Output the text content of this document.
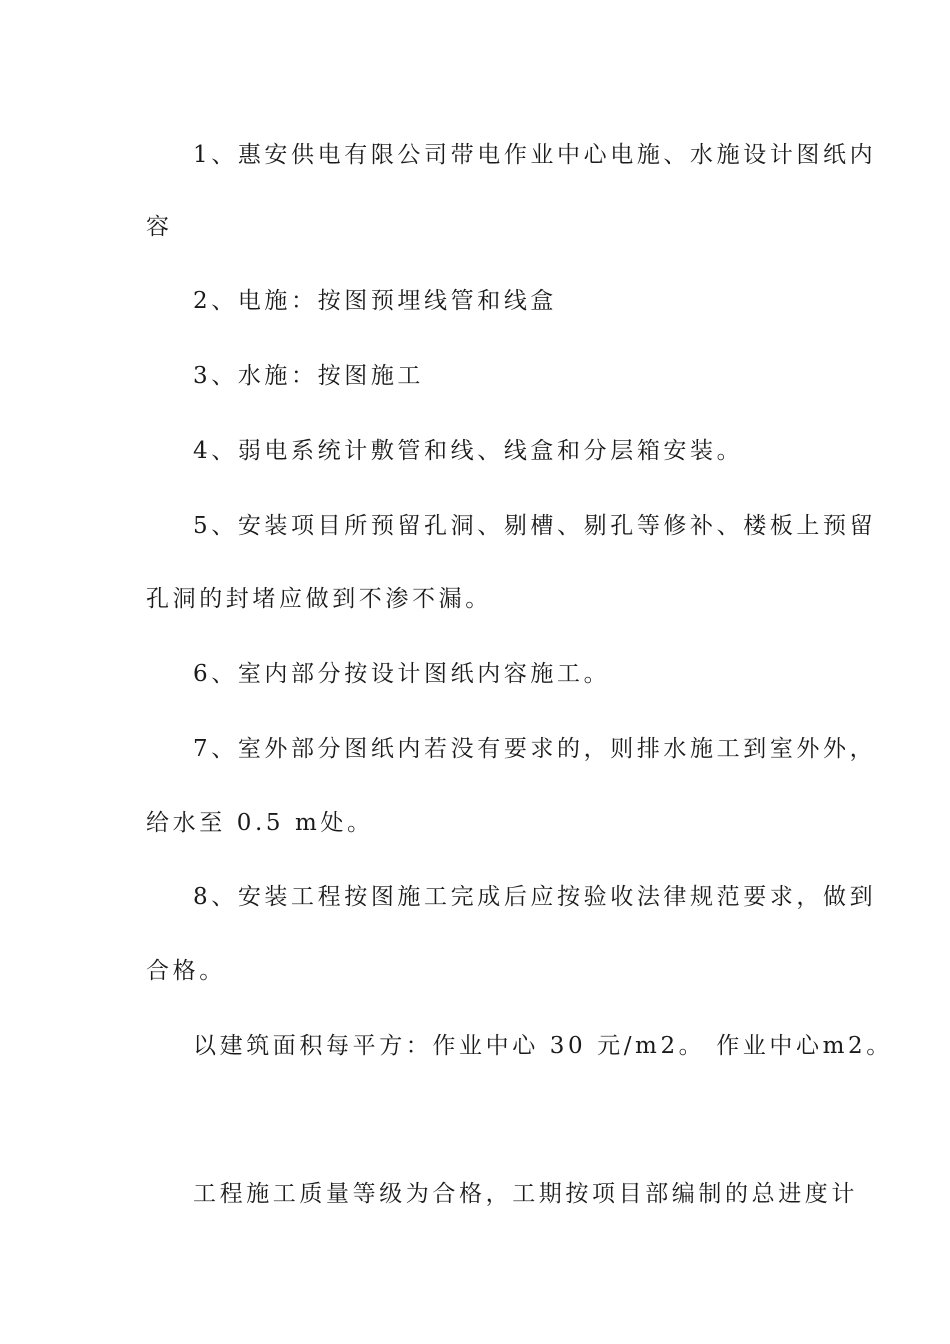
1、惠安供电有限公司带电作业中心电施、水施设计图纸内
容
2、电施：按图预埋线管和线盒
3、水施：按图施工
4、弱电系统计敷管和线、线盒和分层箱安装。
5、安装项目所预留孔洞、剔槽、剔孔等修补、楼板上预留
孔洞的封堵应做到不渗不漏。
6、室内部分按设计图纸内容施工。
7、室外部分图纸内若没有要求的，则排水施工到室外外，
给水至 0.5 m处。
8、安装工程按图施工完成后应按验收法律规范要求，做到
合格。
以建筑面积每平方：作业中心 30 元/m2。 作业中心m2。
工程施工质量等级为合格，工期按项目部编制的总进度计
